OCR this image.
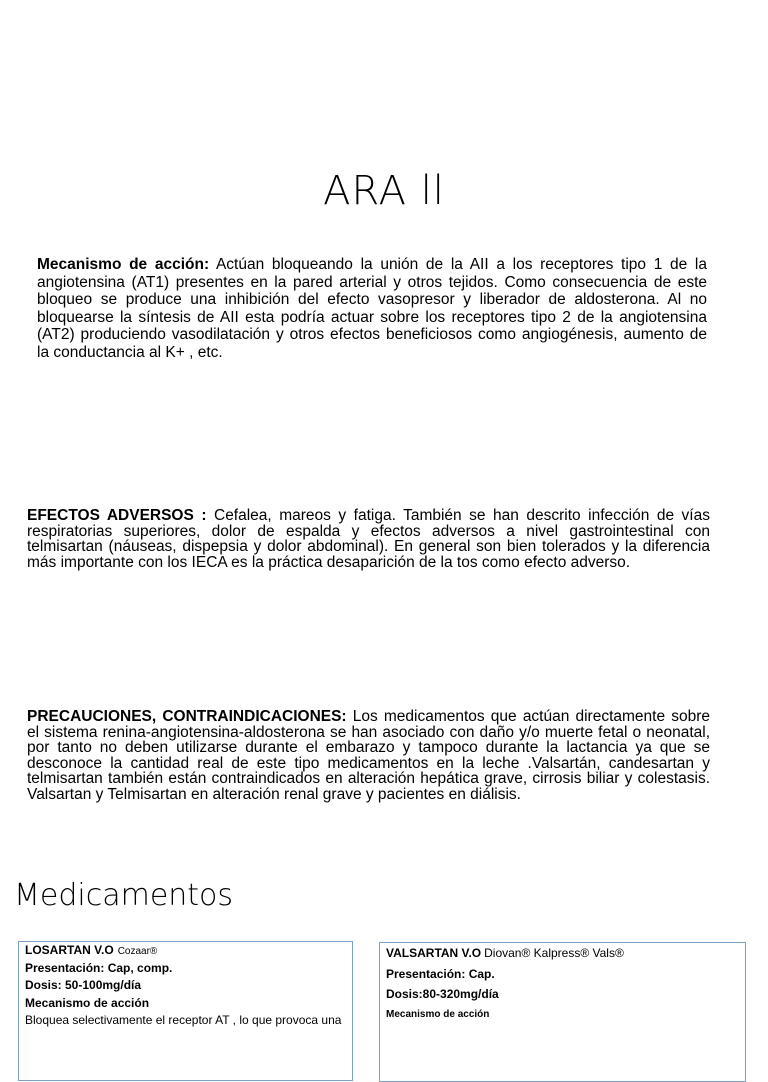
ARA ll

Mecanismo de acción: Actúan bloqueando la unión de la AII a los receptores tipo 1 de la angiotensina (AT1) presentes en la pared arterial y otros tejidos. Como consecuencia de este bloqueo se produce una inhibición del efecto vasopresor y liberador de aldosterona. Al no bloquearse la síntesis de AII esta podría actuar sobre los receptores tipo 2 de la angiotensina (AT2) produciendo vasodilatación y otros efectos beneficiosos como angiogénesis, aumento de la conductancia al K+ , etc.

EFECTOS ADVERSOS : Cefalea, mareos y fatiga. También se han descrito infección de vías respiratorias superiores, dolor de espalda y efectos adversos a nivel gastrointestinal con telmisartan (náuseas, dispepsia y dolor abdominal). En general son bien tolerados y la diferencia más importante con los IECA es la práctica desaparición de la tos como efecto adverso.

PRECAUCIONES, CONTRAINDICACIONES: Los medicamentos que actúan directamente sobre el sistema renina-angiotensina-aldosterona se han asociado con daño y/o muerte fetal o neonatal, por tanto no deben utilizarse durante el embarazo y tampoco durante la lactancia ya que se desconoce la cantidad real de este tipo medicamentos en la leche .Valsartán, candesartan y telmisartan también están contraindicados en alteración hepática grave, cirrosis biliar y colestasis. Valsartan y Telmisartan en alteración renal grave y pacientes en diálisis.

Medicamentos
LOSARTAN V.O Cozaar®
Presentación: Cap, comp.
Dosis: 50-100mg/día
Mecanismo de acción
Bloquea selectivamente el receptor AT , lo que provoca una
VALSARTAN V.O Diovan® Kalpress® Vals®
Presentación: Cap.
Dosis:80-320mg/día
Mecanismo de acción
